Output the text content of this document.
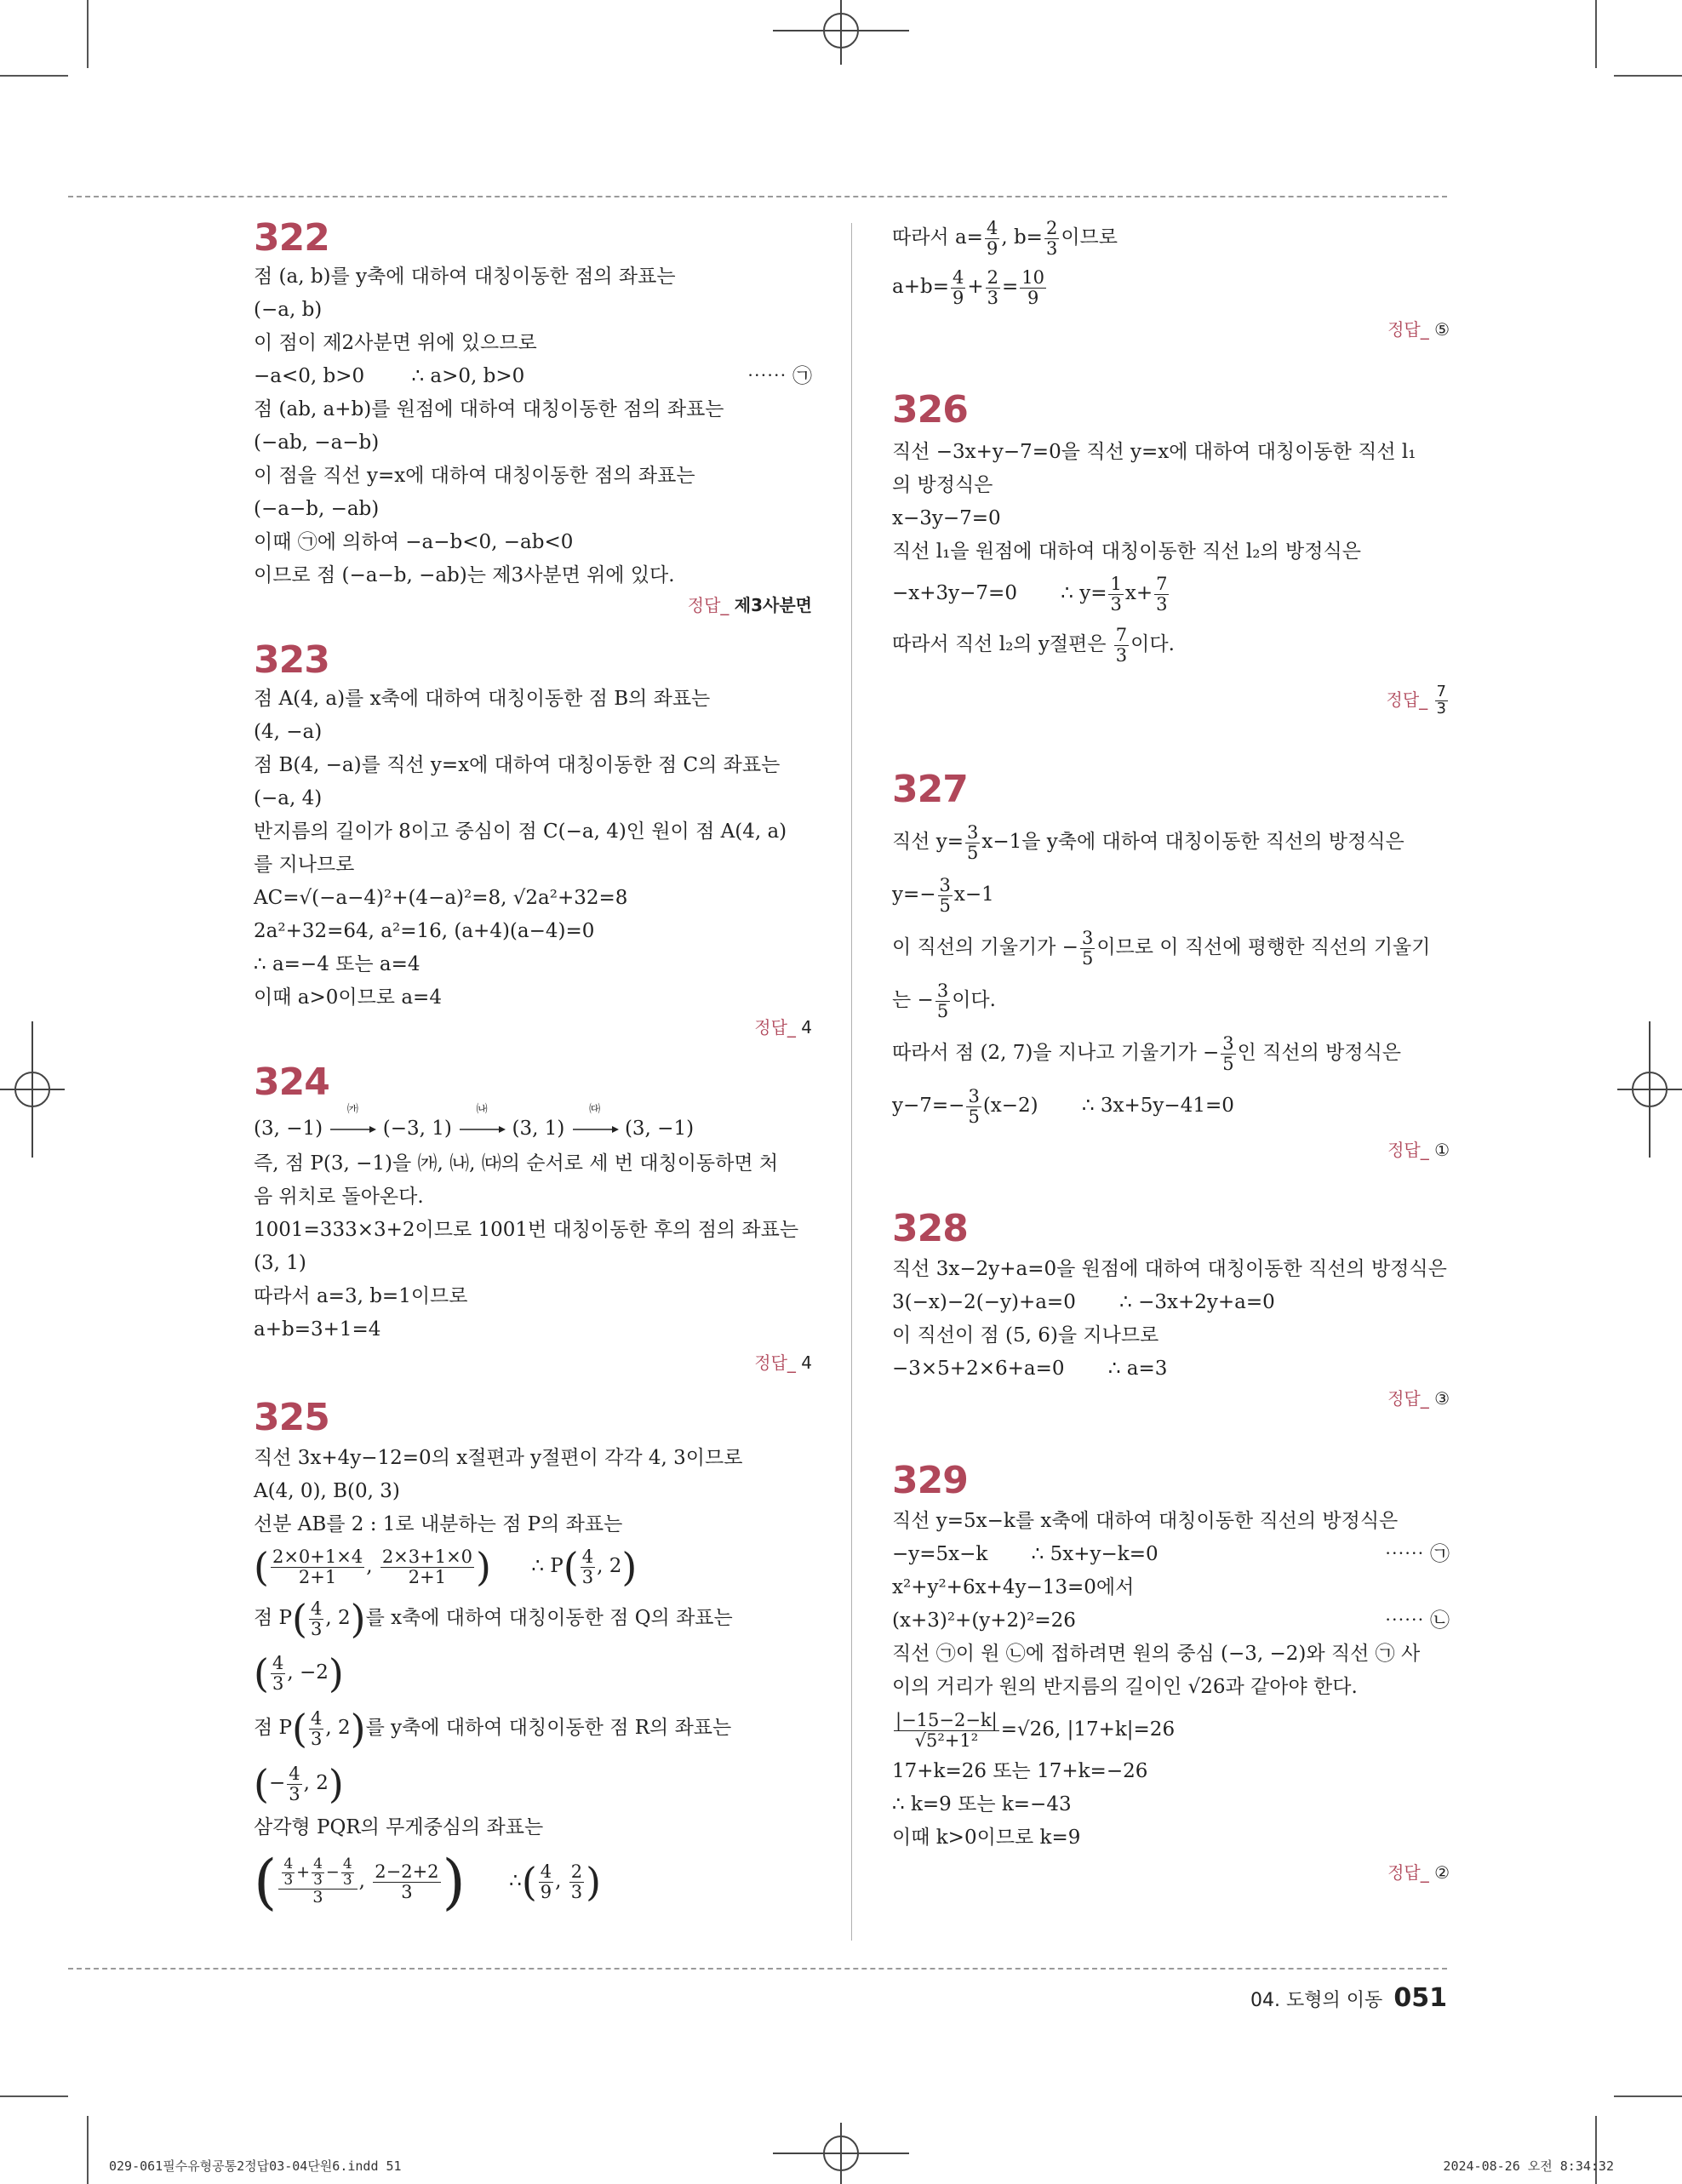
322
점 (a, b)를 y축에 대하여 대칭이동한 점의 좌표는
(−a, b)
이 점이 제2사분면 위에 있으므로
−a<0, b>0 ∴ a>0, b>0	⋯⋯ ㉠
점 (ab, a+b)를 원점에 대하여 대칭이동한 점의 좌표는
(−ab, −a−b)
이 점을 직선 y=x에 대하여 대칭이동한 점의 좌표는
(−a−b, −ab)
이때 ㉠에 의하여 −a−b<0, −ab<0
이므로 점 (−a−b, −ab)는 제3사분면 위에 있다.
정답_ 제3사분면
323
점 A(4, a)를 x축에 대하여 대칭이동한 점 B의 좌표는
(4, −a)
점 B(4, −a)를 직선 y=x에 대하여 대칭이동한 점 C의 좌표는
(−a, 4)
반지름의 길이가 8이고 중심이 점 C(−a, 4)인 원이 점 A(4, a)
를 지나므로
AC=√(−a−4)²+(4−a)²=8, √2a²+32=8
2a²+32=64, a²=16, (a+4)(a−4)=0
∴ a=−4 또는 a=4
이때 a>0이므로 a=4
정답_ 4
324
(3, −1)
㈎
(−3, 1)
㈏
(3, 1)
㈐
(3, −1)
즉, 점 P(3, −1)을 ㈎, ㈏, ㈐의 순서로 세 번 대칭이동하면 처
음 위치로 돌아온다.
1001=333×3+2이므로 1001번 대칭이동한 후의 점의 좌표는
(3, 1)
따라서 a=3, b=1이므로
a+b=3+1=4
정답_ 4
325
직선 3x+4y−12=0의 x절편과 y절편이 각각 4, 3이므로
A(4, 0), B(0, 3)
선분 AB를 2 : 1로 내분하는 점 P의 좌표는
( $\frac{2\times 0+1\times 4}{2+1}$ , $\frac{2\times 3+1\times 0}{2+1}$ ) ∴ $P( \frac{4}{3}$ , 2)
점 $P( \frac{4}{3}$ , 2)를 x축에 대하여 대칭이동한 점 Q의 좌표는
( $\frac{4}{3}$ , −2)
점 $P( \frac{4}{3}$ , 2)를 y축에 대하여 대칭이동한 점 R의 좌표는
(− $\frac{4}{3}$ , 2)
삼각형 PQR의 무게중심의 좌표는
( $\frac{\frac{4}{3} + \frac{4}{3} - \frac{4}{3}}{3}$ , $\frac{2-2+2}{3}$ ) ∴( $\frac{4}{9}$ , $\frac{2}{3}$ )
따라서 $a= \frac{4}{9}$ , $b= \frac{2}{3}$ 이므로
$a+b= \frac{4}{9} + \frac{2}{3} = \frac{10}{9}$
정답_ ⑤
326
직선 −3x+y−7=0을 직선 y=x에 대하여 대칭이동한 직선 l₁
의 방정식은
x−3y−7=0
직선 l₁을 원점에 대하여 대칭이동한 직선 l₂의 방정식은
−x+3y−7=0 ∴ $y= \frac{1}{3} x+ \frac{7}{3}$
따라서 직선 l₂의 y절편은 $\frac{7}{3}$ 이다.
정답_ $\frac{7}{3}$
327
직선 $y= \frac{3}{5} x-1$을 y축에 대하여 대칭이동한 직선의 방정식은
$y=- \frac{3}{5} x-1$
이 직선의 기울기가 − $\frac{3}{5}$ 이므로 이 직선에 평행한 직선의 기울기
는 − $\frac{3}{5}$ 이다.
따라서 점 (2, 7)을 지나고 기울기가 − $\frac{3}{5}$ 인 직선의 방정식은
$y-7=- \frac{3}{5} (x-2)$ ∴ 3x+5y−41=0
정답_ ①
328
직선 3x−2y+a=0을 원점에 대하여 대칭이동한 직선의 방정식은
3(−x)−2(−y)+a=0 ∴ −3x+2y+a=0
이 직선이 점 (5, 6)을 지나므로
−3×5+2×6+a=0 ∴ a=3
정답_ ③
329
직선 y=5x−k를 x축에 대하여 대칭이동한 직선의 방정식은
−y=5x−k ∴ 5x+y−k=0	⋯⋯ ㉠
x²+y²+6x+4y−13=0에서
(x+3)²+(y+2)²=26	⋯⋯ ㉡
직선 ㉠이 원 ㉡에 접하려면 원의 중심 (−3, −2)와 직선 ㉠ 사
이의 거리가 원의 반지름의 길이인 √26과 같아야 한다.
$\frac{|-15-2-k|}{\text{√5²+1²}} =√26$, |17+k|=26
17+k=26 또는 17+k=−26
∴ k=9 또는 k=−43
이때 k>0이므로 k=9
정답_ ②
04. 도형의 이동 051
029-061필수유형공통2정답03-04단원6.indd 51	2024-08-26 오전 8:34:32
